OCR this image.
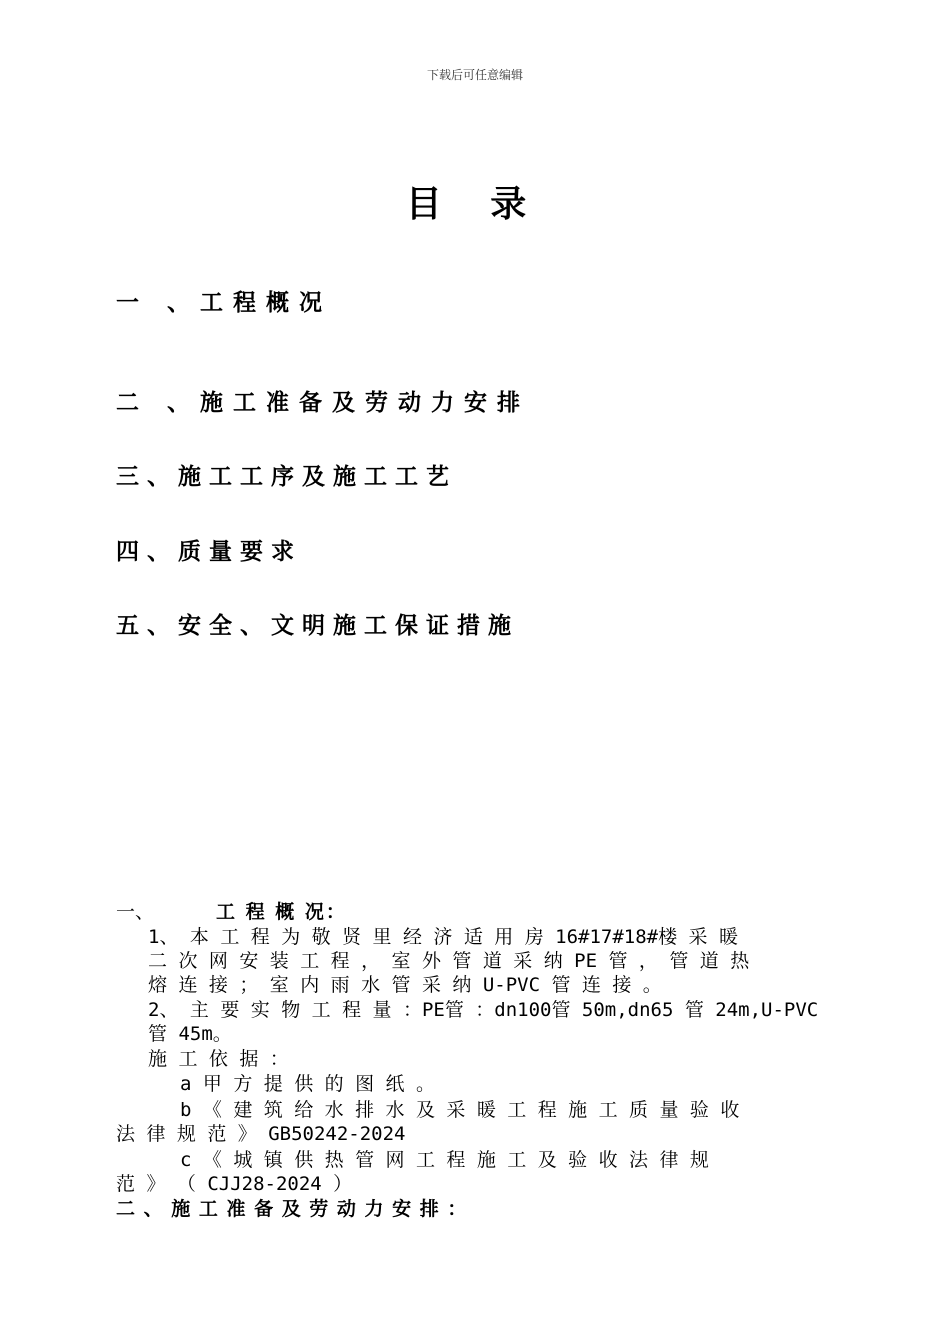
下载后可任意编辑
目 录
一 、工程概况
二 、施工准备及劳动力安排
三、施工工序及施工工艺
四、质量要求
五、安全、文明施工保证措施
一、	工 程 概 况：
1、 本 工 程 为 敬 贤 里 经 济 适 用 房 16#17#18#楼 采 暖
二 次 网 安 装 工 程 ， 室 外 管 道 采 纳 PE 管 ， 管 道 热
熔 连 接 ； 室 内 雨 水 管 采 纳 U-PVC 管 连 接 。
2、 主 要 实 物 工 程 量 ：PE管 ：dn100管 50m,dn65 管 24m,U-PVC
管 45m。
施 工 依 据 ：
a 甲 方 提 供 的 图 纸 。
b 《 建 筑 给 水 排 水 及 采 暖 工 程 施 工 质 量 验 收
法 律 规 范 》 GB50242-2024
c 《 城 镇 供 热 管 网 工 程 施 工 及 验 收 法 律 规
范 》 （ CJJ28-2024 ）
二 、 施 工 准 备 及 劳 动 力 安 排 ：
